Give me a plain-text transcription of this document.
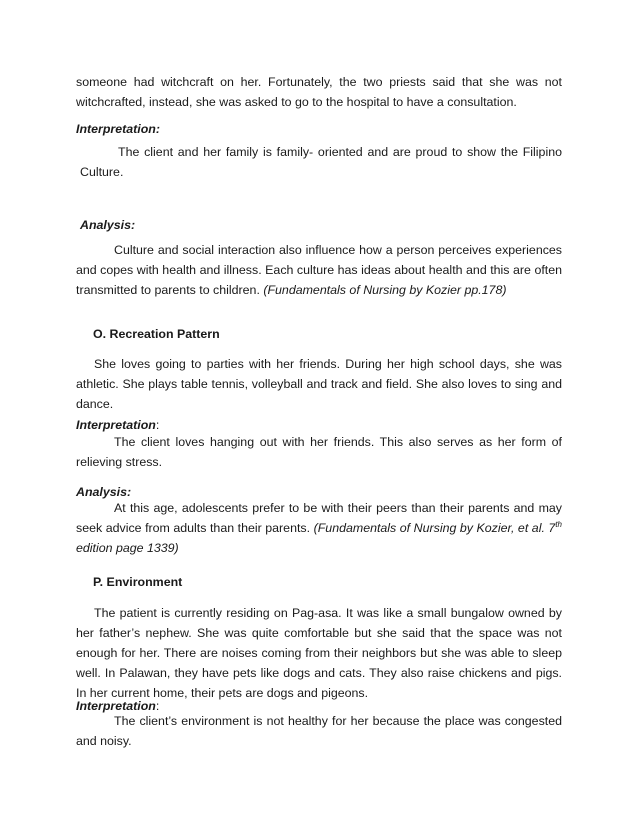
someone had witchcraft on her. Fortunately, the two priests said that she was not witchcrafted, instead, she was asked to go to the hospital to have a consultation.
Interpretation:
The client and her family is family- oriented and are proud to show the Filipino Culture.
Analysis:
Culture and social interaction also influence how a person perceives experiences and copes with health and illness. Each culture has ideas about health and this are often transmitted to parents to children. (Fundamentals of Nursing by Kozier pp.178)
O. Recreation Pattern
She loves going to parties with her friends. During her high school days, she was athletic. She plays table tennis, volleyball and track and field. She also loves to sing and dance.
Interpretation:
The client loves hanging out with her friends. This also serves as her form of relieving stress.
Analysis:
At this age, adolescents prefer to be with their peers than their parents and may seek advice from adults than their parents. (Fundamentals of Nursing by Kozier, et al. 7th edition page 1339)
P. Environment
The patient is currently residing on Pag-asa. It was like a small bungalow owned by her father’s nephew. She was quite comfortable but she said that the space was not enough for her. There are noises coming from their neighbors but she was able to sleep well. In Palawan, they have pets like dogs and cats. They also raise chickens and pigs. In her current home, their pets are dogs and pigeons.
Interpretation:
The client’s environment is not healthy for her because the place was congested and noisy.
